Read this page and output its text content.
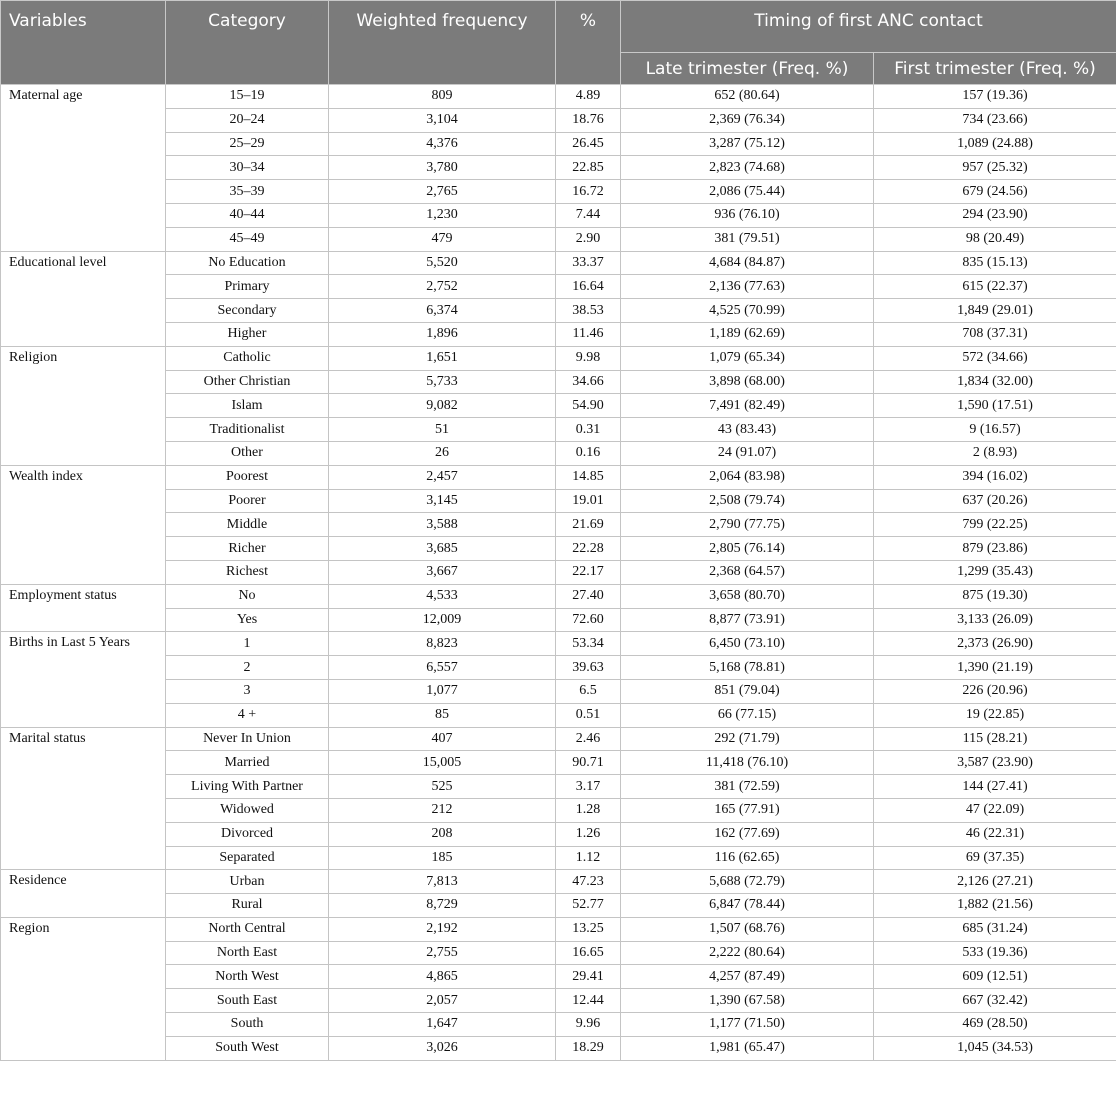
Variables	Category	Weighted frequency	%	Timing of first ANC contact	
				Late trimester (Freq. %)	First trimester (Freq. %)
Maternal age	15–19	809	4.89	652 (80.64)	157 (19.36)
	20–24	3,104	18.76	2,369 (76.34)	734 (23.66)
	25–29	4,376	26.45	3,287 (75.12)	1,089 (24.88)
	30–34	3,780	22.85	2,823 (74.68)	957 (25.32)
	35–39	2,765	16.72	2,086 (75.44)	679 (24.56)
	40–44	1,230	7.44	936 (76.10)	294 (23.90)
	45–49	479	2.90	381 (79.51)	98 (20.49)
Educational level	No Education	5,520	33.37	4,684 (84.87)	835 (15.13)
	Primary	2,752	16.64	2,136 (77.63)	615 (22.37)
	Secondary	6,374	38.53	4,525 (70.99)	1,849 (29.01)
	Higher	1,896	11.46	1,189 (62.69)	708 (37.31)
Religion	Catholic	1,651	9.98	1,079 (65.34)	572 (34.66)
	Other Christian	5,733	34.66	3,898 (68.00)	1,834 (32.00)
	Islam	9,082	54.90	7,491 (82.49)	1,590 (17.51)
	Traditionalist	51	0.31	43 (83.43)	9 (16.57)
	Other	26	0.16	24 (91.07)	2 (8.93)
Wealth index	Poorest	2,457	14.85	2,064 (83.98)	394 (16.02)
	Poorer	3,145	19.01	2,508 (79.74)	637 (20.26)
	Middle	3,588	21.69	2,790 (77.75)	799 (22.25)
	Richer	3,685	22.28	2,805 (76.14)	879 (23.86)
	Richest	3,667	22.17	2,368 (64.57)	1,299 (35.43)
Employment status	No	4,533	27.40	3,658 (80.70)	875 (19.30)
	Yes	12,009	72.60	8,877 (73.91)	3,133 (26.09)
Births in Last 5 Years	1	8,823	53.34	6,450 (73.10)	2,373 (26.90)
	2	6,557	39.63	5,168 (78.81)	1,390 (21.19)
	3	1,077	6.5	851 (79.04)	226 (20.96)
	4 +	85	0.51	66 (77.15)	19 (22.85)
Marital status	Never In Union	407	2.46	292 (71.79)	115 (28.21)
	Married	15,005	90.71	11,418 (76.10)	3,587 (23.90)
	Living With Partner	525	3.17	381 (72.59)	144 (27.41)
	Widowed	212	1.28	165 (77.91)	47 (22.09)
	Divorced	208	1.26	162 (77.69)	46 (22.31)
	Separated	185	1.12	116 (62.65)	69 (37.35)
Residence	Urban	7,813	47.23	5,688 (72.79)	2,126 (27.21)
	Rural	8,729	52.77	6,847 (78.44)	1,882 (21.56)
Region	North Central	2,192	13.25	1,507 (68.76)	685 (31.24)
	North East	2,755	16.65	2,222 (80.64)	533 (19.36)
	North West	4,865	29.41	4,257 (87.49)	609 (12.51)
	South East	2,057	12.44	1,390 (67.58)	667 (32.42)
	South	1,647	9.96	1,177 (71.50)	469 (28.50)
	South West	3,026	18.29	1,981 (65.47)	1,045 (34.53)
